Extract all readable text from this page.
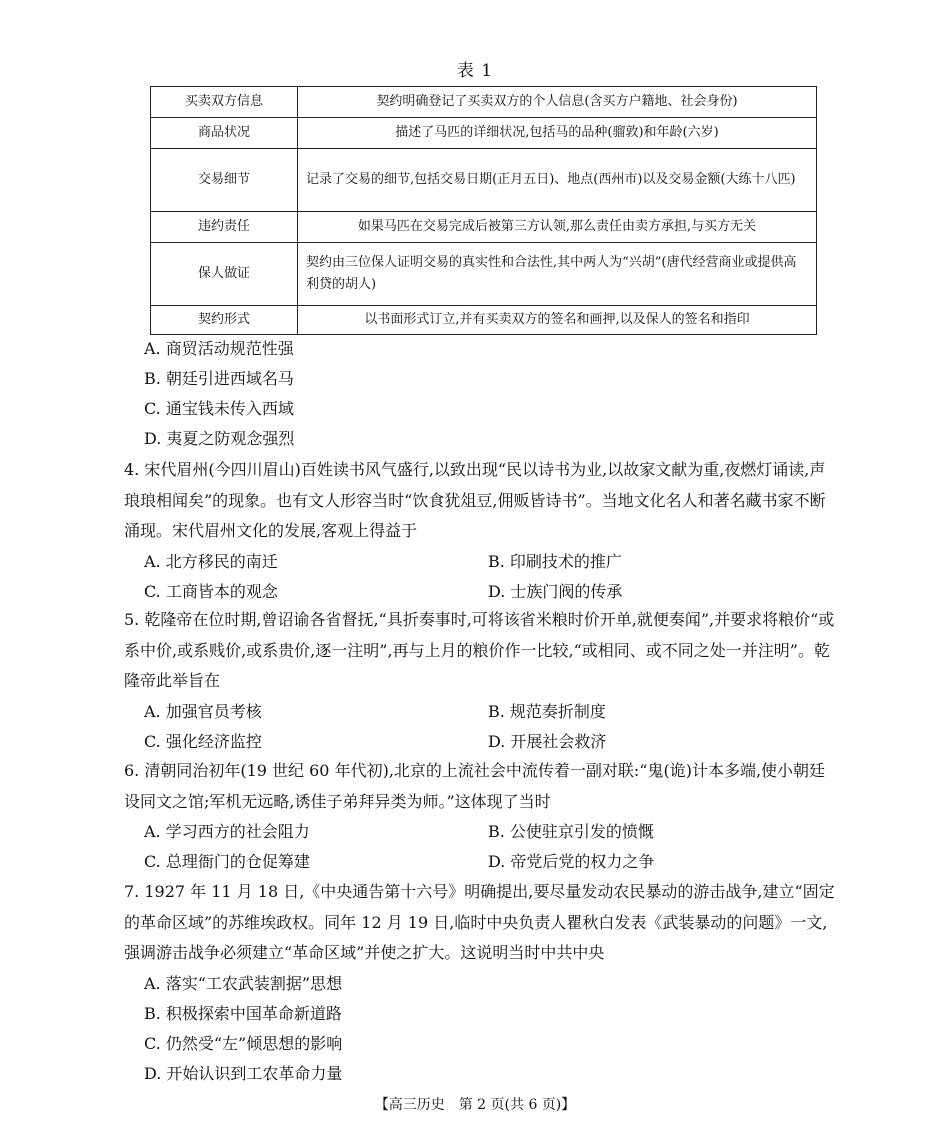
表 1
买卖双方信息	契约明确登记了买卖双方的个人信息(含买方户籍地、社会身份)
商品状况	描述了马匹的详细状况,包括马的品种(骝敦)和年龄(六岁)
交易细节	记录了交易的细节,包括交易日期(正月五日)、地点(西州市)以及交易金额(大练十八匹)
违约责任	如果马匹在交易完成后被第三方认领,那么责任由卖方承担,与买方无关
保人做证	契约由三位保人证明交易的真实性和合法性,其中两人为“兴胡”(唐代经营商业或提供高利贷的胡人)
契约形式	以书面形式订立,并有买卖双方的签名和画押,以及保人的签名和指印
A. 商贸活动规范性强
B. 朝廷引进西域名马
C. 通宝钱未传入西域
D. 夷夏之防观念强烈

4. 宋代眉州(今四川眉山)百姓读书风气盛行,以致出现“民以诗书为业,以故家文献为重,夜燃灯诵读,声琅琅相闻矣”的现象。也有文人形容当时“饮食犹俎豆,佣贩皆诗书”。当地文化名人和著名藏书家不断涌现。宋代眉州文化的发展,客观上得益于

A. 北方移民的南迁	B. 印刷技术的推广
C. 工商皆本的观念	D. 士族门阀的传承

5. 乾隆帝在位时期,曾诏谕各省督抚,“具折奏事时,可将该省米粮时价开单,就便奏闻”,并要求将粮价“或系中价,或系贱价,或系贵价,逐一注明”,再与上月的粮价作一比较,“或相同、或不同之处一并注明”。乾隆帝此举旨在

A. 加强官员考核	B. 规范奏折制度
C. 强化经济监控	D. 开展社会救济

6. 清朝同治初年(19 世纪 60 年代初),北京的上流社会中流传着一副对联:“鬼(诡)计本多端,使小朝廷设同文之馆;军机无远略,诱佳子弟拜异类为师。”这体现了当时

A. 学习西方的社会阻力	B. 公使驻京引发的愤慨
C. 总理衙门的仓促筹建	D. 帝党后党的权力之争

7. 1927 年 11 月 18 日,《中央通告第十六号》明确提出,要尽量发动农民暴动的游击战争,建立“固定的革命区域”的苏维埃政权。同年 12 月 19 日,临时中央负责人瞿秋白发表《武装暴动的问题》一文,强调游击战争必须建立“革命区域”并使之扩大。这说明当时中共中央

A. 落实“工农武装割据”思想
B. 积极探索中国革命新道路
C. 仍然受“左”倾思想的影响
D. 开始认识到工农革命力量
【高三历史　第 2 页(共 6 页)】
